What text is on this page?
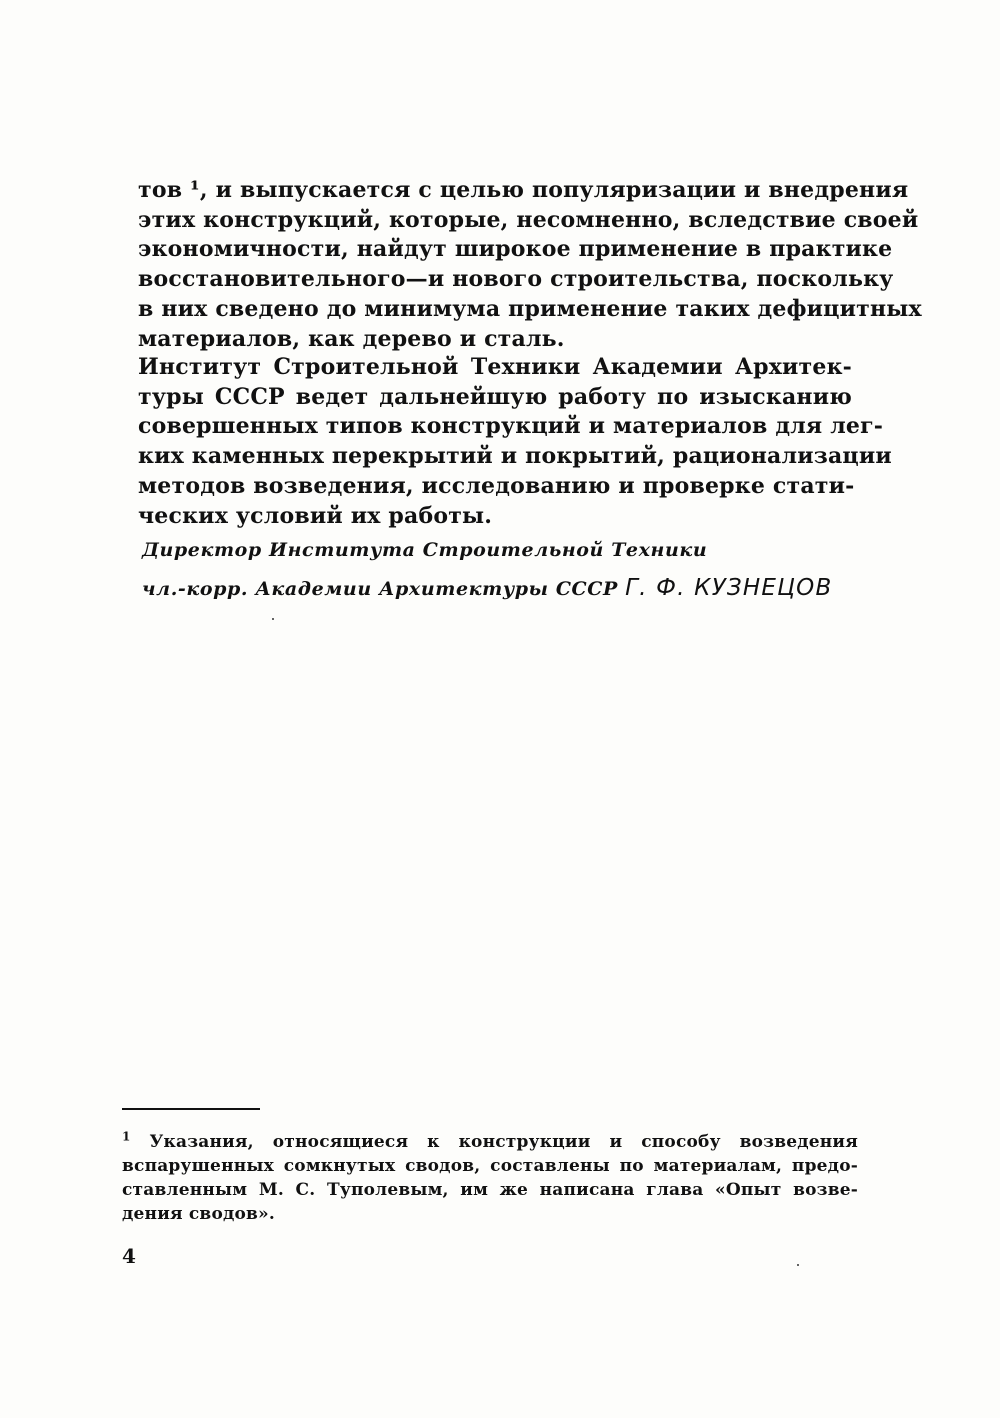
тов ¹, и выпускается с целью популяризации и внедрения
этих конструкций, которые, несомненно, вследствие своей
экономичности, найдут широкое применение в практике
восстановительного—и нового строительства, поскольку
в них сведено до минимума применение таких дефицитных
материалов, как дерево и сталь.
Институт Строительной Техники Академии Архитек-
туры СССР ведет дальнейшую работу по изысканию
совершенных типов конструкций и материалов для лег-
ких каменных перекрытий и покрытий, рационализации
методов возведения, исследованию и проверке стати-
ческих условий их работы.
Директор Института Строительной Техники
чл.-корр. Академии Архитектуры СССР Г. Ф. КУЗНЕЦОВ
$^1$ Указания, относящиеся к конструкции и способу возведения
вспарушенных сомкнутых сводов, составлены по материалам, предо-
ставленным М. С. Туполевым, им же написана глава «Опыт возве-
дения сводов».
4
